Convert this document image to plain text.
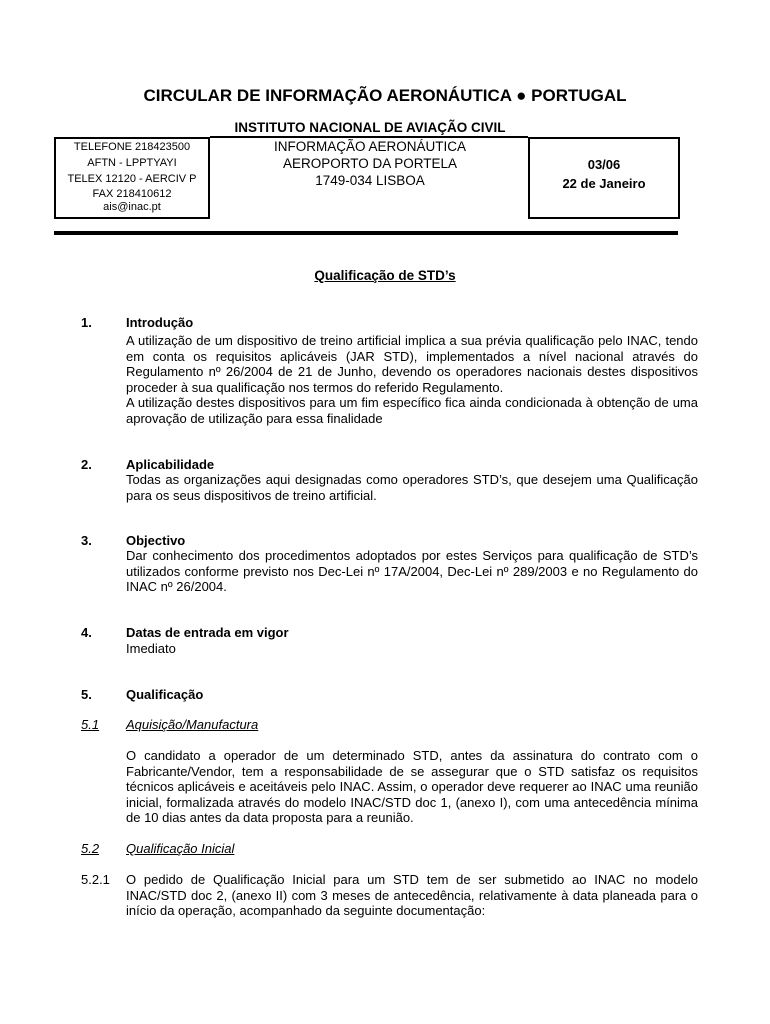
CIRCULAR DE INFORMAÇÃO AERONÁUTICA ● PORTUGAL
TELEFONE 218423500
AFTN - LPPTYAYI
TELEX 12120 - AERCIV P
FAX 218410612
ais@inac.pt
INSTITUTO NACIONAL DE AVIAÇÃO CIVIL
INFORMAÇÃO AERONÁUTICA
AEROPORTO DA PORTELA
1749-034 LISBOA
03/06
22 de Janeiro
Qualificação de STD’s
1.	Introdução
A utilização de um dispositivo de treino artificial implica a sua prévia qualificação pelo INAC, tendo em conta os requisitos aplicáveis (JAR STD), implementados a nível nacional através do Regulamento nº 26/2004 de 21 de Junho, devendo os operadores nacionais destes dispositivos proceder à sua qualificação nos termos do referido Regulamento.
A utilização destes dispositivos para um fim específico fica ainda condicionada à obtenção de uma aprovação de utilização para essa finalidade
2.	Aplicabilidade
Todas as organizações aqui designadas como operadores STD’s, que desejem uma Qualificação para os seus dispositivos de treino artificial.
3.	Objectivo
Dar conhecimento dos procedimentos adoptados por estes Serviços para qualificação de STD’s utilizados conforme previsto nos Dec-Lei nº 17A/2004, Dec-Lei nº 289/2003 e no Regulamento do INAC nº 26/2004.
4.	Datas de entrada em vigor
Imediato
5.	Qualificação
5.1 Aquisição/Manufactura
O candidato a operador de um determinado STD, antes da assinatura do contrato com o Fabricante/Vendor, tem a responsabilidade de se assegurar que o STD satisfaz os requisitos técnicos aplicáveis e aceitáveis pelo INAC. Assim, o operador deve requerer ao INAC uma reunião inicial, formalizada através do modelo INAC/STD doc 1, (anexo I), com uma antecedência mínima de 10 dias antes da data proposta para a reunião.
5.2 Qualificação Inicial
5.2.1 O pedido de Qualificação Inicial para um STD tem de ser submetido ao INAC no modelo INAC/STD doc 2, (anexo II) com 3 meses de antecedência, relativamente à data planeada para o início da operação, acompanhado da seguinte documentação:
